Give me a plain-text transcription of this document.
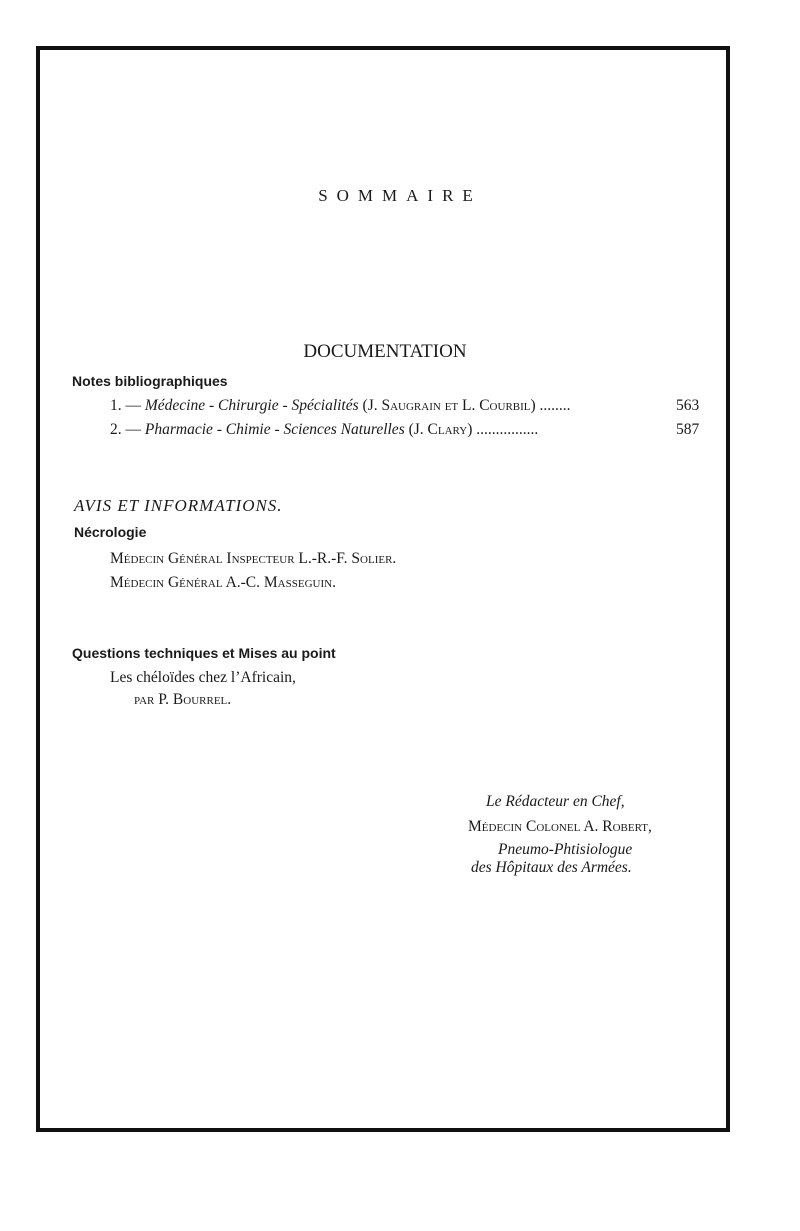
SOMMAIRE
DOCUMENTATION
Notes bibliographiques
1. — Médecine - Chirurgie - Spécialités (J. Saugrain et L. Courbil) ........	563
2. — Pharmacie - Chimie - Sciences Naturelles (J. Clary) ................	587
AVIS ET INFORMATIONS.
Nécrologie
Médecin Général Inspecteur L.-R.-F. Solier.
Médecin Général A.-C. Masseguin.
Questions techniques et Mises au point
Les chéloïdes chez l’Africain,
par P. Bourrel.
Le Rédacteur en Chef,
Médecin Colonel A. Robert,
Pneumo-Phtisiologue
des Hôpitaux des Armées.
